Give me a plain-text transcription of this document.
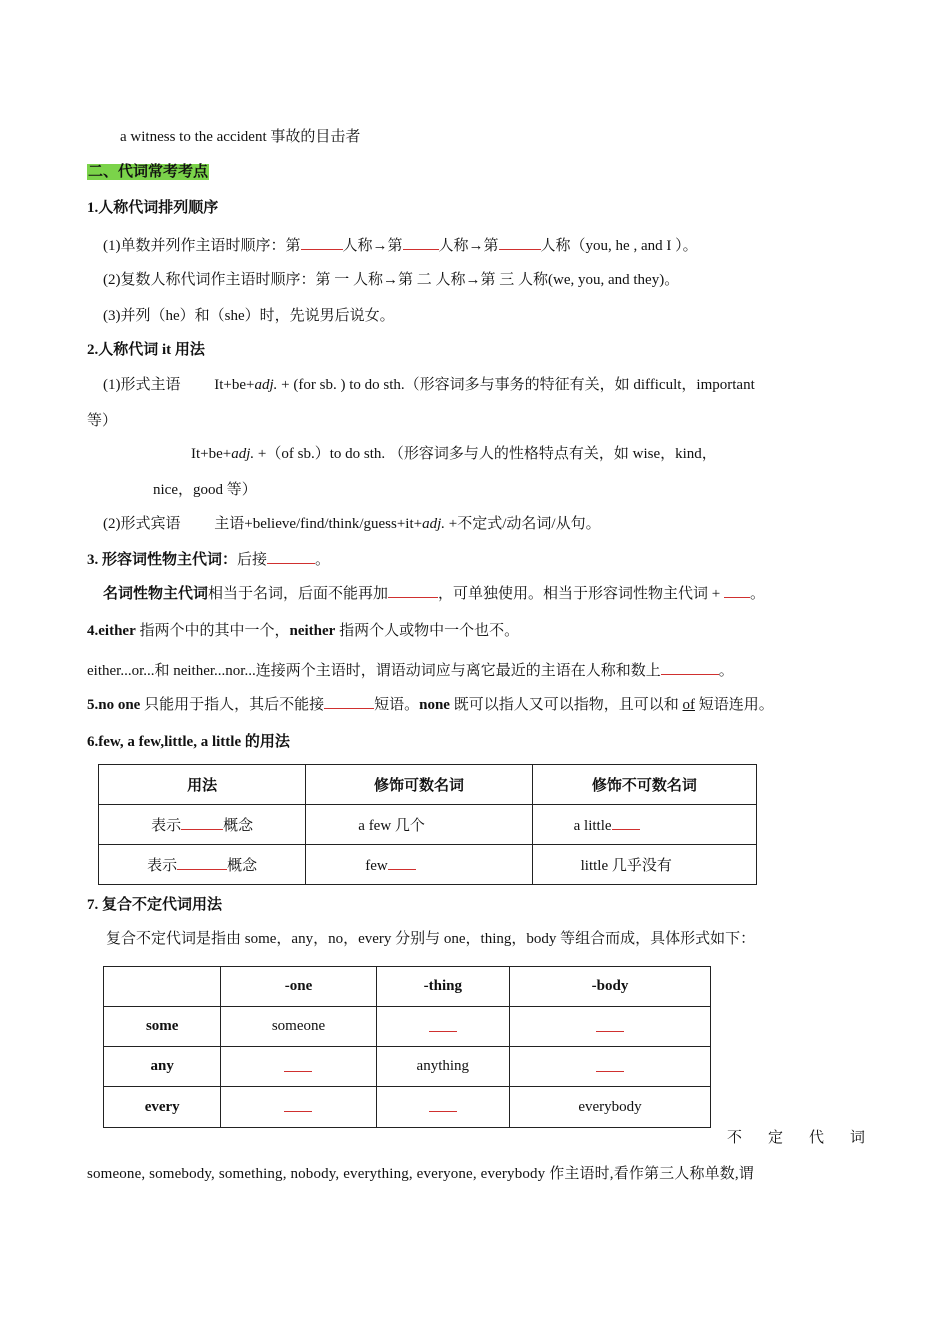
a witness to the accident 事故的目击者
二、代词常考考点
1.人称代词排列顺序
(1)单数并列作主语时顺序：第	人称→第 人称→第	人称（you, he , and I ）。
(2)复数人称代词作主语时顺序：第 一 人称→第 二 人称→第 三 人称(we, you, and they)。
(3)并列（he）和（she）时，先说男后说女。
2.人称代词 it 用法
(1)形式主语 It+be+adj. + (for sb. ) to do sth.（形容词多与事务的特征有关，如 difficult，important
等）
It+be+adj. +（of sb.）to do sth. （形容词多与人的性格特点有关，如 wise，kind，
nice，good 等）
(2)形式宾语 主语+believe/find/think/guess+it+adj. +不定式/动名词/从句。
3. 形容词性物主代词：后接	。
名词性物主代词相当于名词，后面不能再加	，可单独使用。相当于形容词性物主代词 + 。
4.either 指两个中的其中一个，neither 指两个人或物中一个也不。
either...or...和 neither...nor...连接两个主语时，谓语动词应与离它最近的主语在人称和数上	。
5.no one 只能用于指人，其后不能接	短语。none 既可以指人又可以指物，且可以和 of 短语连用。
6.few, a few,little, a little 的用法
用法	修饰可数名词	修饰不可数名词
表示 概念	a few 几个	a little
表示 概念	few	little 几乎没有
7. 复合不定代词用法
复合不定代词是指由 some，any，no，every 分别与 one，thing，body 等组合而成，具体形式如下：
	-one	-thing	-body
some	someone		
any		anything	
every			everybody
不 定 代 词
someone, somebody, something, nobody, everything, everyone, everybody 作主语时,看作第三人称单数,谓
